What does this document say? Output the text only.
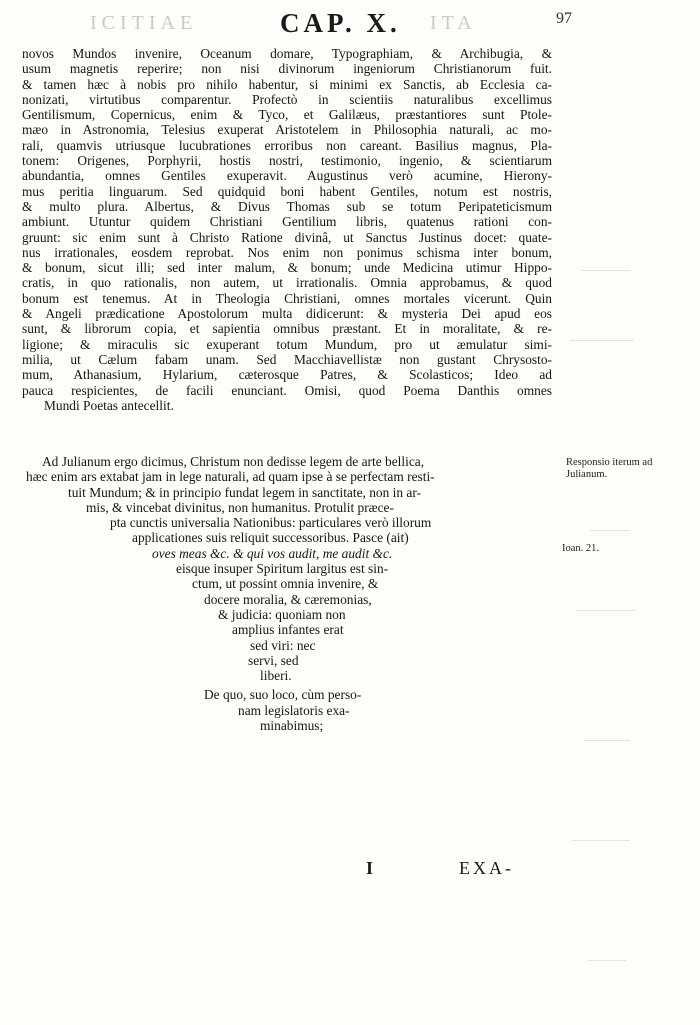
ICITIAE	CAP. X. ITA	97
novos Mundos invenire, Oceanum domare, Typographiam, & Archibugia, &
usum magnetis reperire; non nisi divinorum ingeniorum Christianorum fuit.
& tamen hæc à nobis pro nihilo habentur, si minimi ex Sanctis, ab Ecclesia ca-
nonizati, virtutibus comparentur. Profectò in scientiis naturalibus excellimus
Gentilismum, Copernicus, enim & Tyco, et Galilæus, præstantiores sunt Ptole-
mæo in Astronomia, Telesius exuperat Aristotelem in Philosophia naturali, ac mo-
rali, quamvis utriusque lucubrationes erroribus non careant. Basilius magnus, Pla-
tonem: Origenes, Porphyrii, hostis nostri, testimonio, ingenio, & scientiarum
abundantia, omnes Gentiles exuperavit. Augustinus verò acumine, Hierony-
mus peritia linguarum. Sed quidquid boni habent Gentiles, notum est nostris,
& multo plura. Albertus, & Divus Thomas sub se totum Peripateticismum
ambiunt. Utuntur quidem Christiani Gentilium libris, quatenus rationi con-
gruunt: sic enim sunt à Christo Ratione divinâ, ut Sanctus Justinus docet: quate-
nus irrationales, eosdem reprobat. Nos enim non ponimus schisma inter bonum,
& bonum, sicut illi; sed inter malum, & bonum; unde Medicina utimur Hippo-
cratis, in quo rationalis, non autem, ut irrationalis. Omnia approbamus, & quod
bonum est tenemus. At in Theologia Christiani, omnes mortales vicerunt. Quin
& Angeli prædicatione Apostolorum multa didicerunt: & mysteria Dei apud eos
sunt, & librorum copia, et sapientia omnibus præstant. Et in moralitate, & re-
ligione; & miraculis sic exuperant totum Mundum, pro ut æmulatur simi-
milia, ut Cælum fabam unam. Sed Macchiavellistæ non gustant Chrysosto-
mum, Athanasium, Hylarium, cæterosque Patres, & Scolasticos; Ideo ad
pauca respicientes, de facili enunciant. Omisi, quod Poema Danthis omnes
Mundi Poetas antecellit.
Ad Julianum ergo dicimus, Christum non dedisse legem de arte bellica,
hæc enim ars extabat jam in lege naturali, ad quam ipse à se perfectam resti-
tuit Mundum; & in principio fundat legem in sanctitate, non in ar-
mis, & vincebat divinitus, non humanitus. Protulit præce-
pta cunctis universalia Nationibus: particulares verò illorum
applicationes suis reliquit successoribus. Pasce (ait)
oves meas &c. & qui vos audit, me audit &c.
eisque insuper Spiritum largitus est sin-
ctum, ut possint omnia invenire, &
docere moralia, & cæremonias,
& judicia: quoniam non
amplius infantes erat
sed viri: nec
servi, sed
liberi.
De quo, suo loco, cùm perso-
nam legislatoris exa-
minabimus;
Responsio iterum ad Julianum.
Ioan. 21.
I	EXA-
